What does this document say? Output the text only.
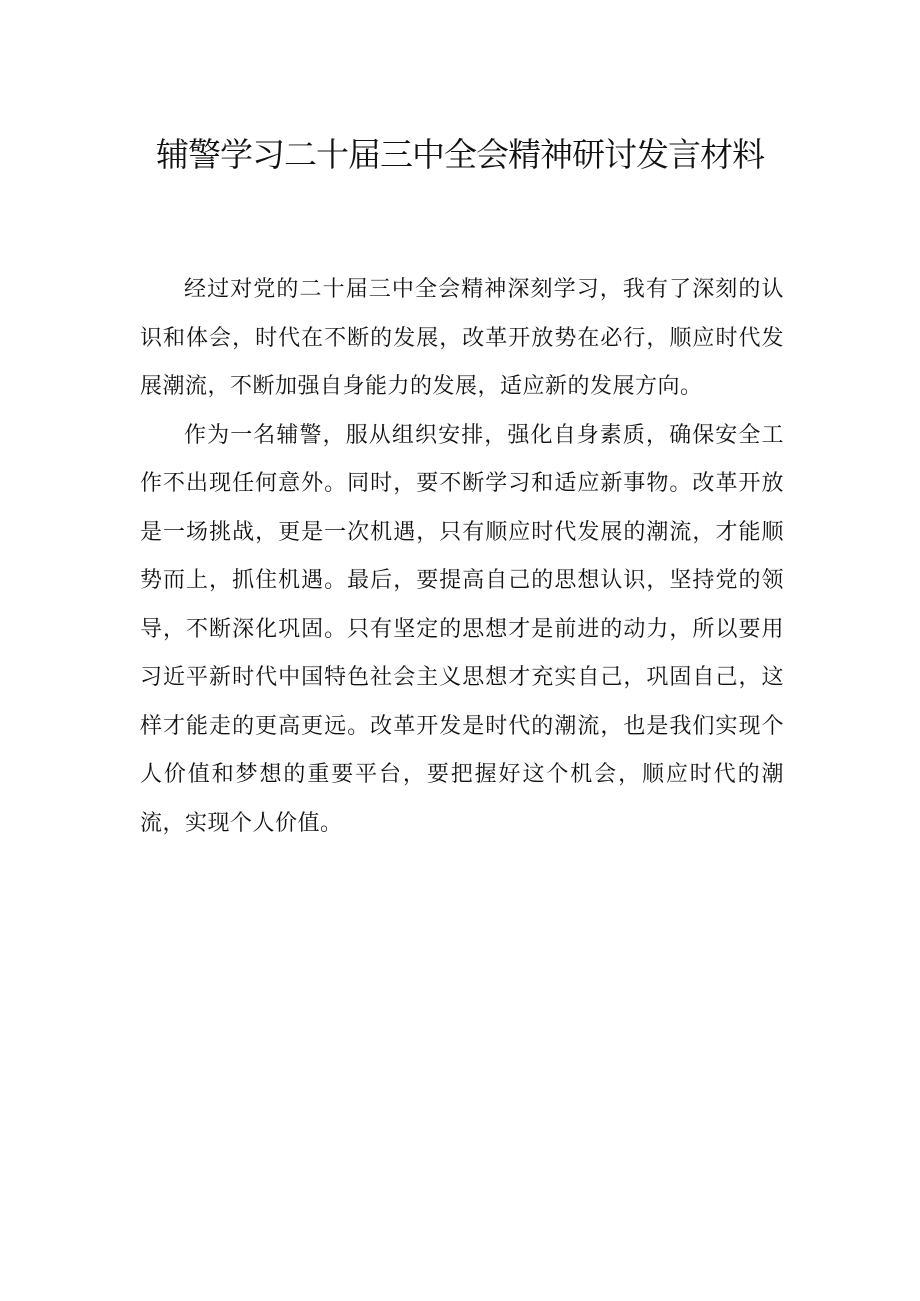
辅警学习二十届三中全会精神研讨发言材料

经过对党的二十届三中全会精神深刻学习，我有了深刻的认识和体会，时代在不断的发展，改革开放势在必行，顺应时代发展潮流，不断加强自身能力的发展，适应新的发展方向。

作为一名辅警，服从组织安排，强化自身素质，确保安全工作不出现任何意外。同时，要不断学习和适应新事物。改革开放是一场挑战，更是一次机遇，只有顺应时代发展的潮流，才能顺势而上，抓住机遇。最后，要提高自己的思想认识，坚持党的领导，不断深化巩固。只有坚定的思想才是前进的动力，所以要用习近平新时代中国特色社会主义思想才充实自己，巩固自己，这样才能走的更高更远。改革开发是时代的潮流，也是我们实现个人价值和梦想的重要平台，要把握好这个机会，顺应时代的潮流，实现个人价值。
